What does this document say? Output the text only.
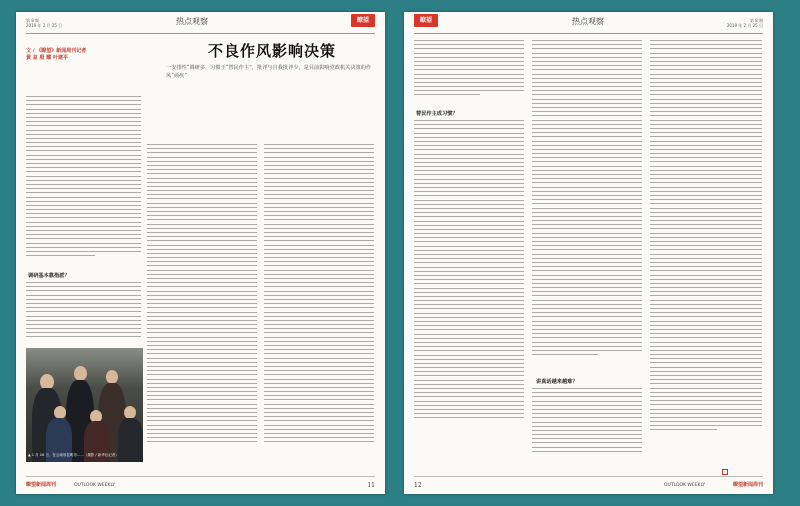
第 8 期
2019 年 2 月 25 日	热点观察	瞭望
文 / 《瞭望》新闻周刊记者
黄 益 殷 耀 叶建平	不良作风影响决策
一安排性“调研多，习惯于“替民作主”，批评与自我批评少，是目前影响党政机关决策的作风“顽疾”
调研基本靠指派？
▲ 1 月 16 日，在云南省昆明市……（摄影 / 新华社记者）
瞭望新闻周刊	OUTLOOK WEEKLY	11
瞭望	热点观察	第 8 期
2019 年 2 月 25 日
替民作主成习惯？
讲真话越来越难？
12	OUTLOOK WEEKLY	瞭望新闻周刊
